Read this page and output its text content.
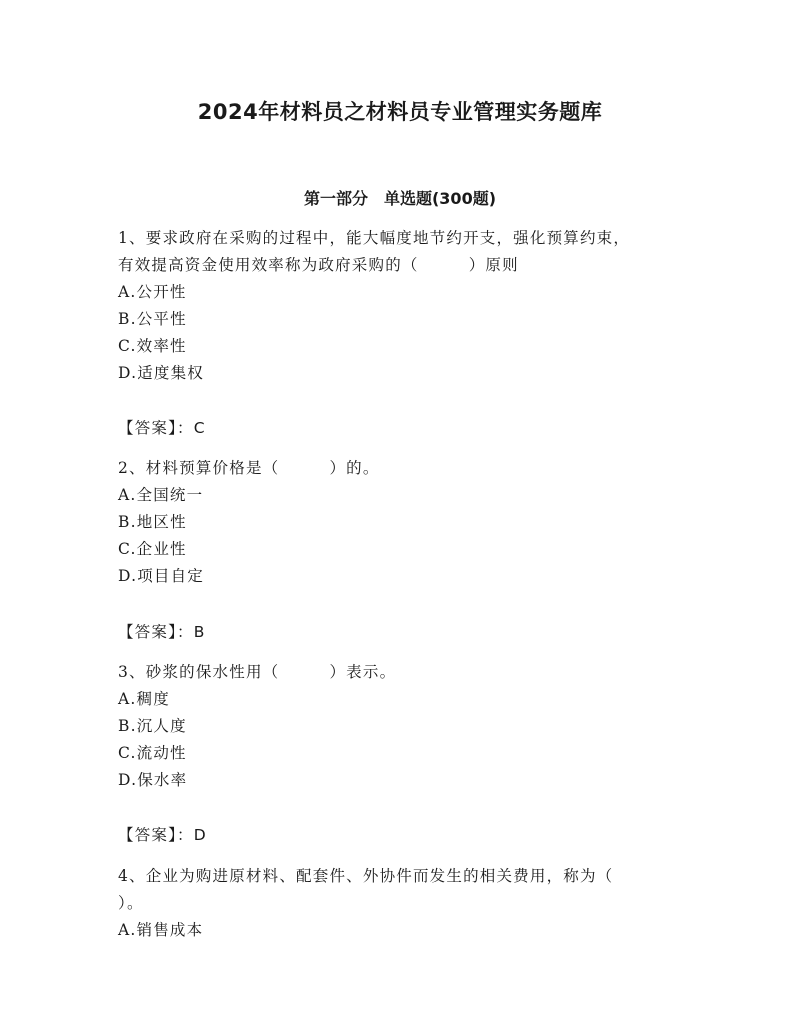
2024年材料员之材料员专业管理实务题库
第一部分　单选题(300题)
1、要求政府在采购的过程中，能大幅度地节约开支，强化预算约束，
有效提高资金使用效率称为政府采购的（　　　）原则
A.公开性
B.公平性
C.效率性
D.适度集权
【答案】：C
2、材料预算价格是（　　　）的。
A.全国统一
B.地区性
C.企业性
D.项目自定
【答案】：B
3、砂浆的保水性用（　　　）表示。
A.稠度
B.沉人度
C.流动性
D.保水率
【答案】：D
4、企业为购进原材料、配套件、外协件而发生的相关费用，称为（
）。
A.销售成本
